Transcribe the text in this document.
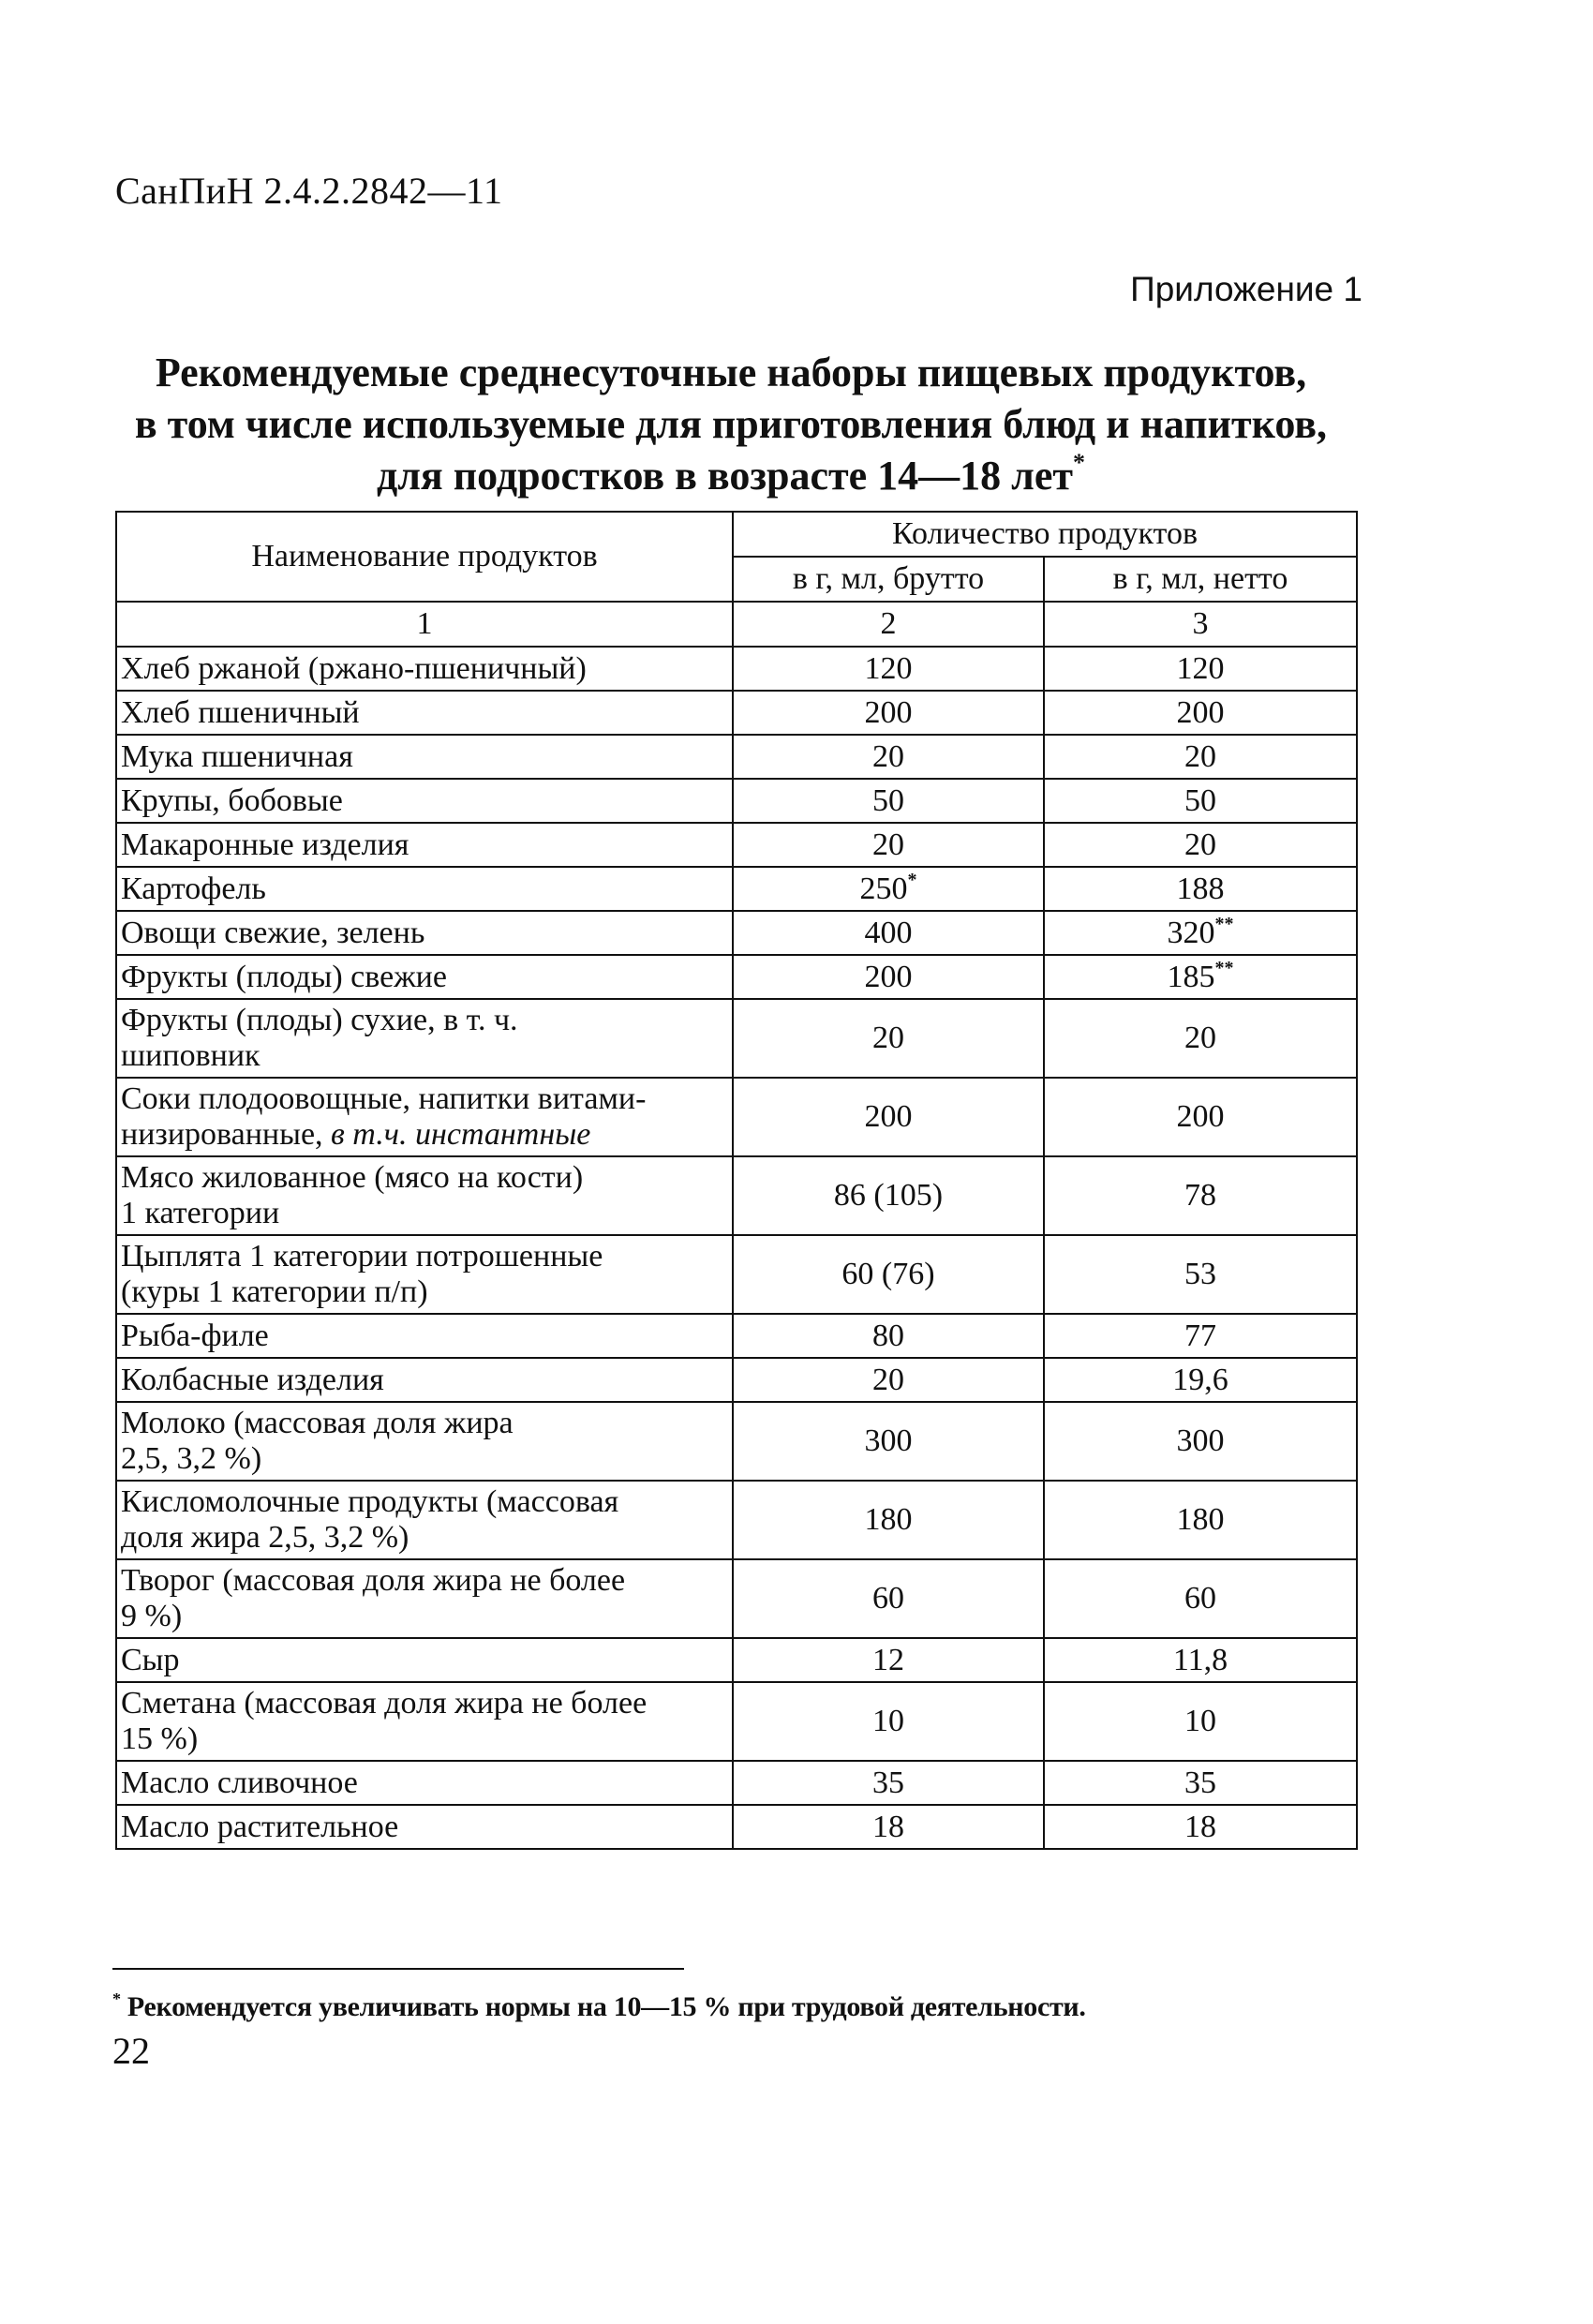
СанПиН 2.4.2.2842—11
Приложение 1
Рекомендуемые среднесуточные наборы пищевых продуктов,
в том числе используемые для приготовления блюд и напитков,
для подростков в возрасте 14—18 лет*
Наименование продуктов	Количество продуктов	
	в г, мл, брутто	в г, мл, нетто
1	2	3
Хлеб ржаной (ржано-пшеничный)	120	120
Хлеб пшеничный	200	200
Мука пшеничная	20	20
Крупы, бобовые	50	50
Макаронные изделия	20	20
Картофель	250*	188
Овощи свежие, зелень	400	320**
Фрукты (плоды) свежие	200	185**

Фрукты (плоды) сухие, в т. ч.
шиповник	20	20

Соки плодоовощные, напитки витами-
низированные, в т.ч. инстантные	200	200

Мясо жилованное (мясо на кости)
1 категории	86 (105)	78

Цыплята 1 категории потрошенные
(куры 1 категории п/п)	60 (76)	53
Рыба-филе	80	77
Колбасные изделия	20	19,6

Молоко (массовая доля жира
2,5, 3,2 %)	300	300

Кисломолочные продукты (массовая
доля жира 2,5, 3,2 %)	180	180

Творог (массовая доля жира не более
9 %)	60	60
Сыр	12	11,8

Сметана (массовая доля жира не более
15 %)	10	10
Масло сливочное	35	35
Масло растительное	18	18
* Рекомендуется увеличивать нормы на 10—15 % при трудовой деятельности.
22
